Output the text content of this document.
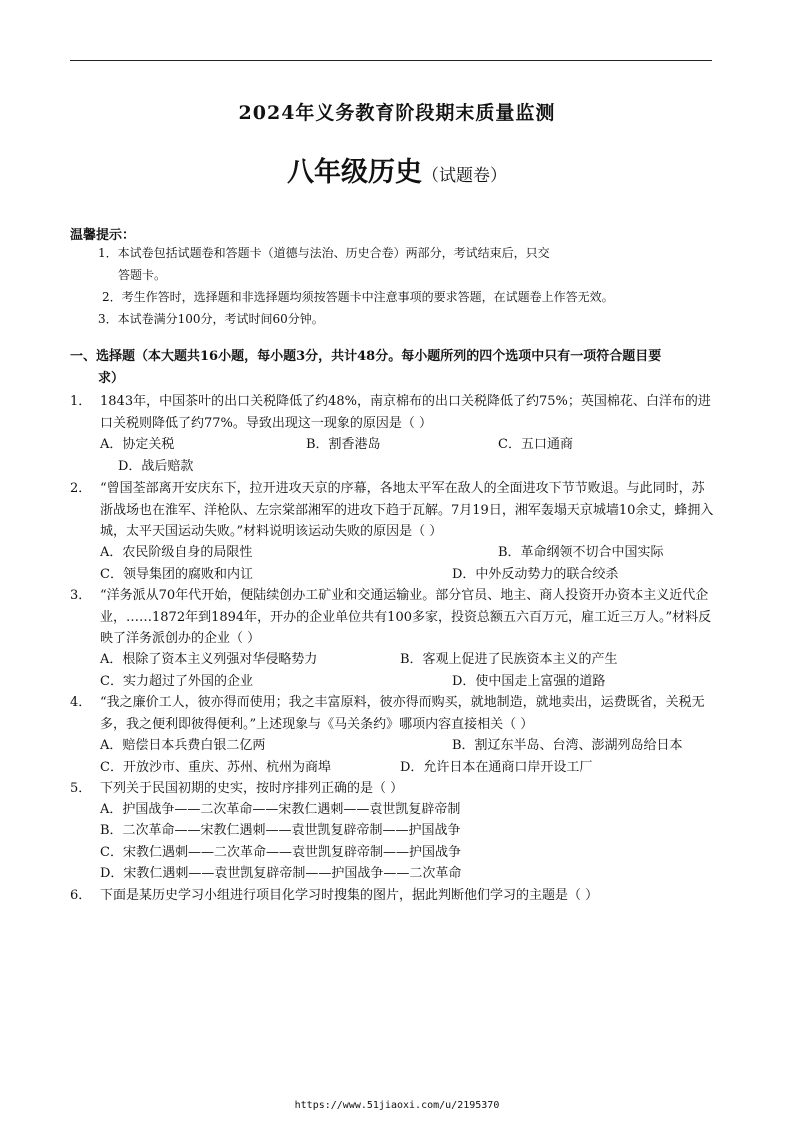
2024年义务教育阶段期末质量监测
八年级历史（试题卷）
温馨提示：
1．本试卷包括试题卷和答题卡（道德与法治、历史合卷）两部分，考试结束后，只交
答题卡。
2．考生作答时，选择题和非选择题均须按答题卡中注意事项的要求答题，在试题卷上作答无效。
3．本试卷满分100分，考试时间60分钟。
一、选择题（本大题共16小题，每小题3分，共计48分。每小题所列的四个选项中只有一项符合题目要
求）
1． 1843年，中国茶叶的出口关税降低了约48%，南京棉布的出口关税降低了约75%；英国棉花、白洋布的进口关税则降低了约77%。导致出现这一现象的原因是（ ）
A．协定关税	B．割香港岛	C．五口通商
D．战后赔款
2． “曾国荃部离开安庆东下，拉开进攻天京的序幕，各地太平军在敌人的全面进攻下节节败退。与此同时，苏浙战场也在淮军、洋枪队、左宗棠部湘军的进攻下趋于瓦解。7月19日，湘军轰塌天京城墙10余丈，蜂拥入城，太平天国运动失败。”材料说明该运动失败的原因是（ ）
A．农民阶级自身的局限性	B．革命纲领不切合中国实际
C．领导集团的腐败和内讧	D．中外反动势力的联合绞杀
3． “洋务派从70年代开始，便陆续创办工矿业和交通运输业。部分官员、地主、商人投资开办资本主义近代企业，……1872年到1894年，开办的企业单位共有100多家，投资总额五六百万元，雇工近三万人。”材料反映了洋务派创办的企业（ ）
A．根除了资本主义列强对华侵略势力	B．客观上促进了民族资本主义的产生
C．实力超过了外国的企业	D．使中国走上富强的道路
4． “我之廉价工人，彼亦得而使用；我之丰富原料，彼亦得而购买，就地制造，就地卖出，运费既省，关税无多，我之便利即彼得便利。”上述现象与《马关条约》哪项内容直接相关（ ）
A．赔偿日本兵费白银二亿两	B．割辽东半岛、台湾、澎湖列岛给日本
C．开放沙市、重庆、苏州、杭州为商埠	D．允许日本在通商口岸开设工厂
5． 下列关于民国初期的史实，按时序排列正确的是（ ）
A．护国战争——二次革命——宋教仁遇刺——袁世凯复辟帝制
B．二次革命——宋教仁遇刺——袁世凯复辟帝制——护国战争
C．宋教仁遇刺——二次革命——袁世凯复辟帝制——护国战争
D．宋教仁遇刺——袁世凯复辟帝制——护国战争——二次革命
6． 下面是某历史学习小组进行项目化学习时搜集的图片，据此判断他们学习的主题是（ ）
https://www.51jiaoxi.com/u/2195370
